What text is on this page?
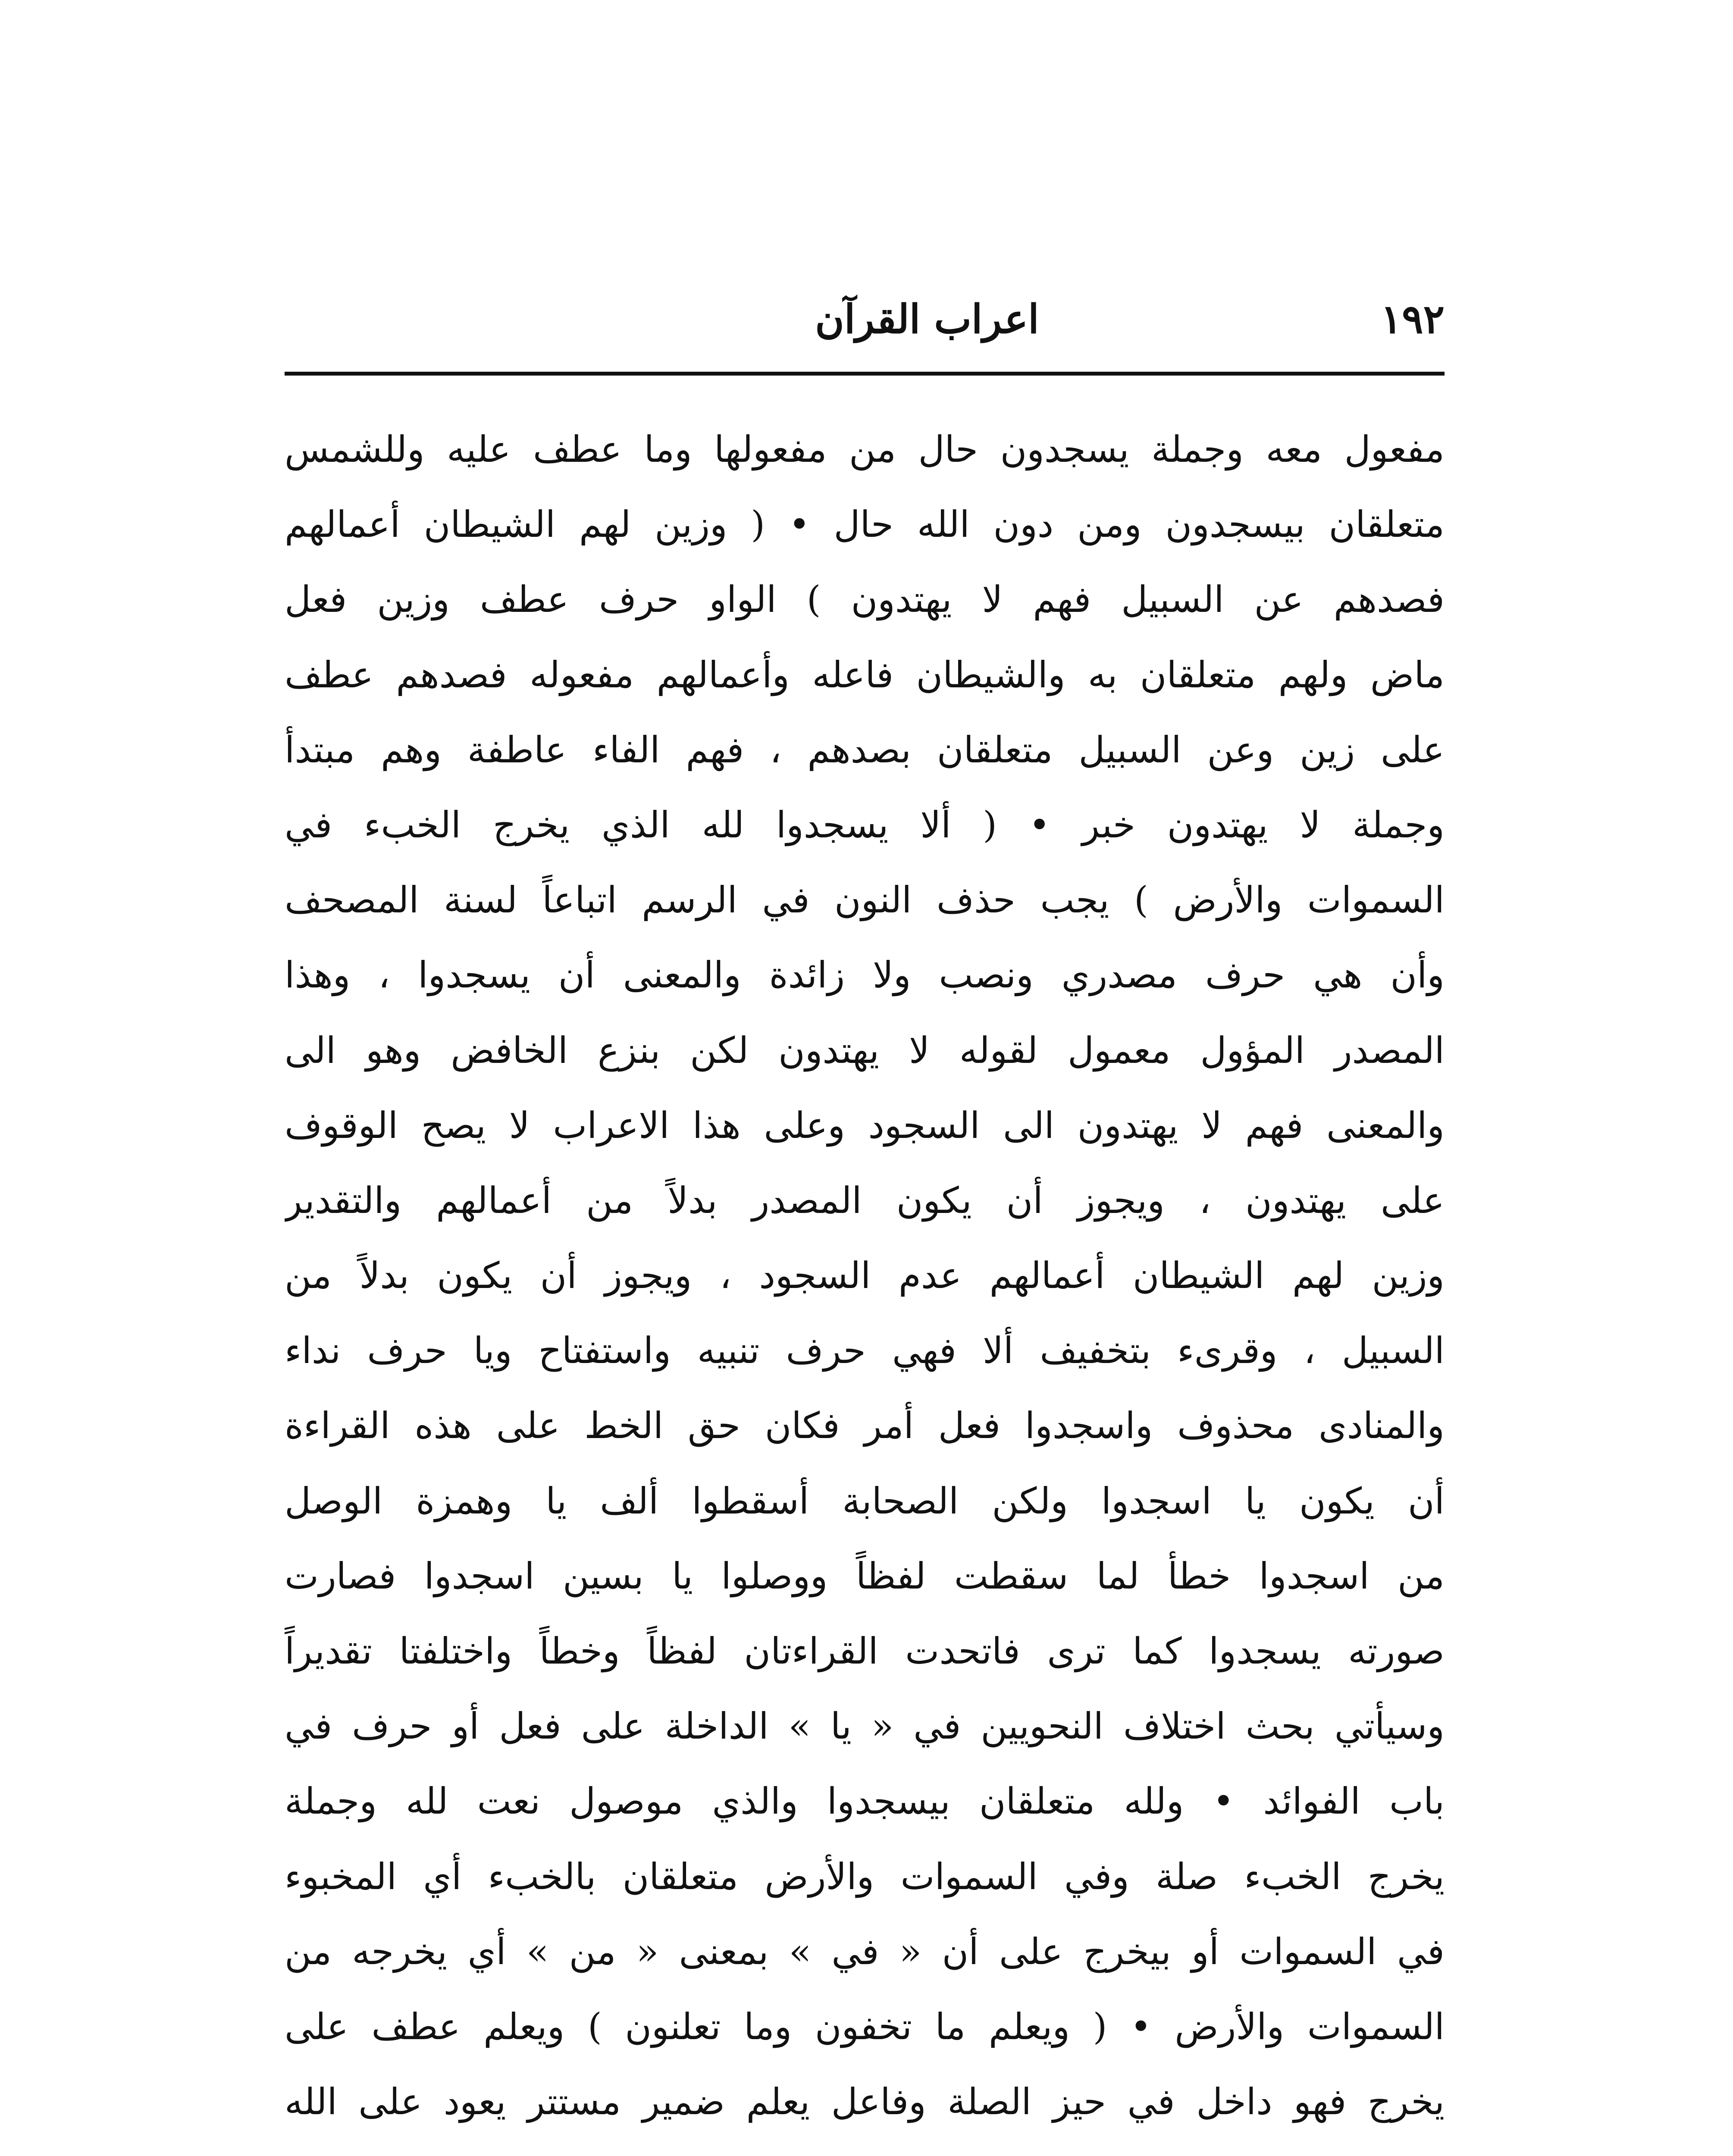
١٩٢
اعراب القرآن
مفعول معه وجملة يسجدون حال من مفعولها وما عطف عليه وللشمس
متعلقان بيسجدون ومن دون الله حال • ( وزين لهم الشيطان أعمالهم
فصدهم عن السبيل فهم لا يهتدون ) الواو حرف عطف وزين فعل
ماض ولهم متعلقان به والشيطان فاعله وأعمالهم مفعوله فصدهم عطف
على زين وعن السبيل متعلقان بصدهم ، فهم الفاء عاطفة وهم مبتدأ
وجملة لا يهتدون خبر • ( ألا يسجدوا لله الذي يخرج الخبء في
السموات والأرض ) يجب حذف النون في الرسم اتباعاً لسنة المصحف
وأن هي حرف مصدري ونصب ولا زائدة والمعنى أن يسجدوا ، وهذا
المصدر المؤول معمول لقوله لا يهتدون لكن بنزع الخافض وهو الى
والمعنى فهم لا يهتدون الى السجود وعلى هذا الاعراب لا يصح الوقوف
على يهتدون ، ويجوز أن يكون المصدر بدلاً من أعمالهم والتقدير
وزين لهم الشيطان أعمالهم عدم السجود ، ويجوز أن يكون بدلاً من
السبيل ، وقرىء بتخفيف ألا فهي حرف تنبيه واستفتاح ويا حرف نداء
والمنادى محذوف واسجدوا فعل أمر فكان حق الخط على هذه القراءة
أن يكون يا اسجدوا ولكن الصحابة أسقطوا ألف يا وهمزة الوصل
من اسجدوا خطأ لما سقطت لفظاً ووصلوا يا بسين اسجدوا فصارت
صورته يسجدوا كما ترى فاتحدت القراءتان لفظاً وخطاً واختلفتا تقديراً
وسيأتي بحث اختلاف النحويين في « يا » الداخلة على فعل أو حرف في
باب الفوائد • ولله متعلقان بيسجدوا والذي موصول نعت لله وجملة
يخرج الخبء صلة وفي السموات والأرض متعلقان بالخبء أي المخبوء
في السموات أو بيخرج على أن « في » بمعنى « من » أي يخرجه من
السموات والأرض • ( ويعلم ما تخفون وما تعلنون ) ويعلم عطف على
يخرج فهو داخل في حيز الصلة وفاعل يعلم ضمير مستتر يعود على الله
